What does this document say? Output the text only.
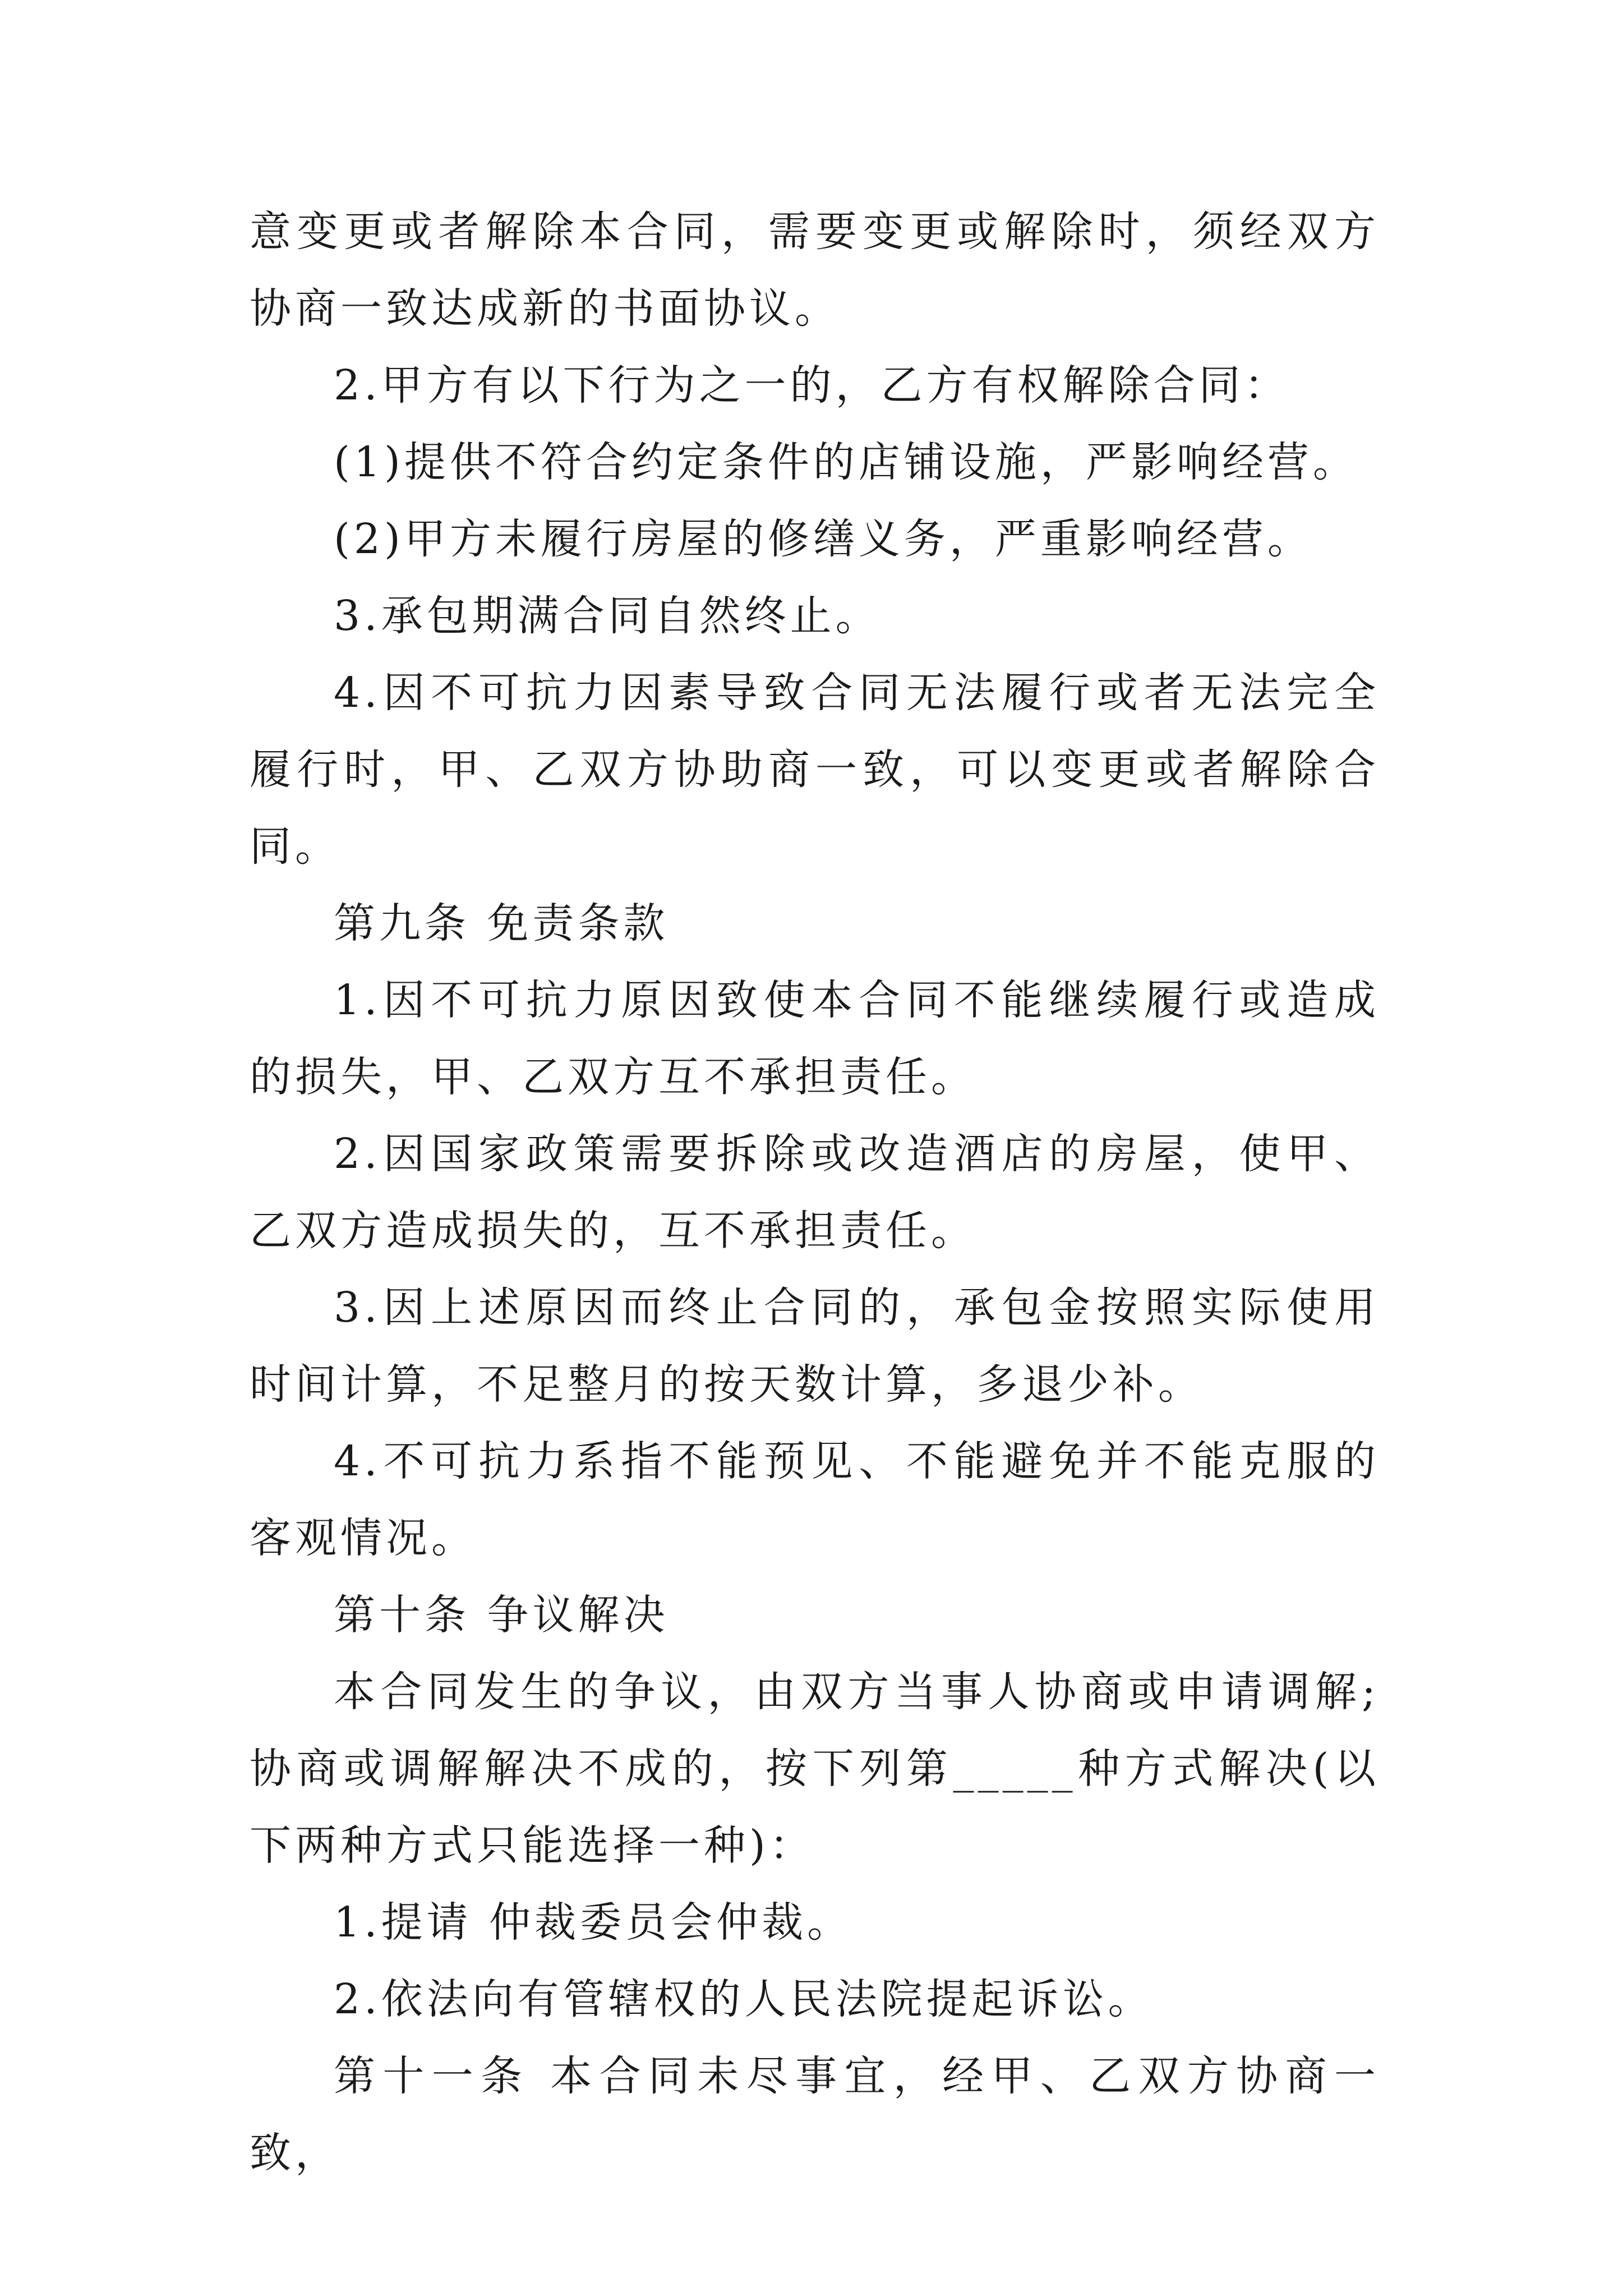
意变更或者解除本合同，需要变更或解除时，须经双方协商一致达成新的书面协议。

2.甲方有以下行为之一的，乙方有权解除合同：

(1)提供不符合约定条件的店铺设施，严影响经营。

(2)甲方未履行房屋的修缮义务，严重影响经营。

3.承包期满合同自然终止。

4.因不可抗力因素导致合同无法履行或者无法完全履行时，甲、乙双方协助商一致，可以变更或者解除合同。

第九条 免责条款

1.因不可抗力原因致使本合同不能继续履行或造成的损失，甲、乙双方互不承担责任。

2.因国家政策需要拆除或改造酒店的房屋，使甲、乙双方造成损失的，互不承担责任。

3.因上述原因而终止合同的，承包金按照实际使用时间计算，不足整月的按天数计算，多退少补。

4.不可抗力系指不能预见、不能避免并不能克服的客观情况。

第十条 争议解决

本合同发生的争议，由双方当事人协商或申请调解;协商或调解解决不成的，按下列第_____种方式解决(以下两种方式只能选择一种)：

1.提请 仲裁委员会仲裁。

2.依法向有管辖权的人民法院提起诉讼。

第十一条 本合同未尽事宜，经甲、乙双方协商一致，
